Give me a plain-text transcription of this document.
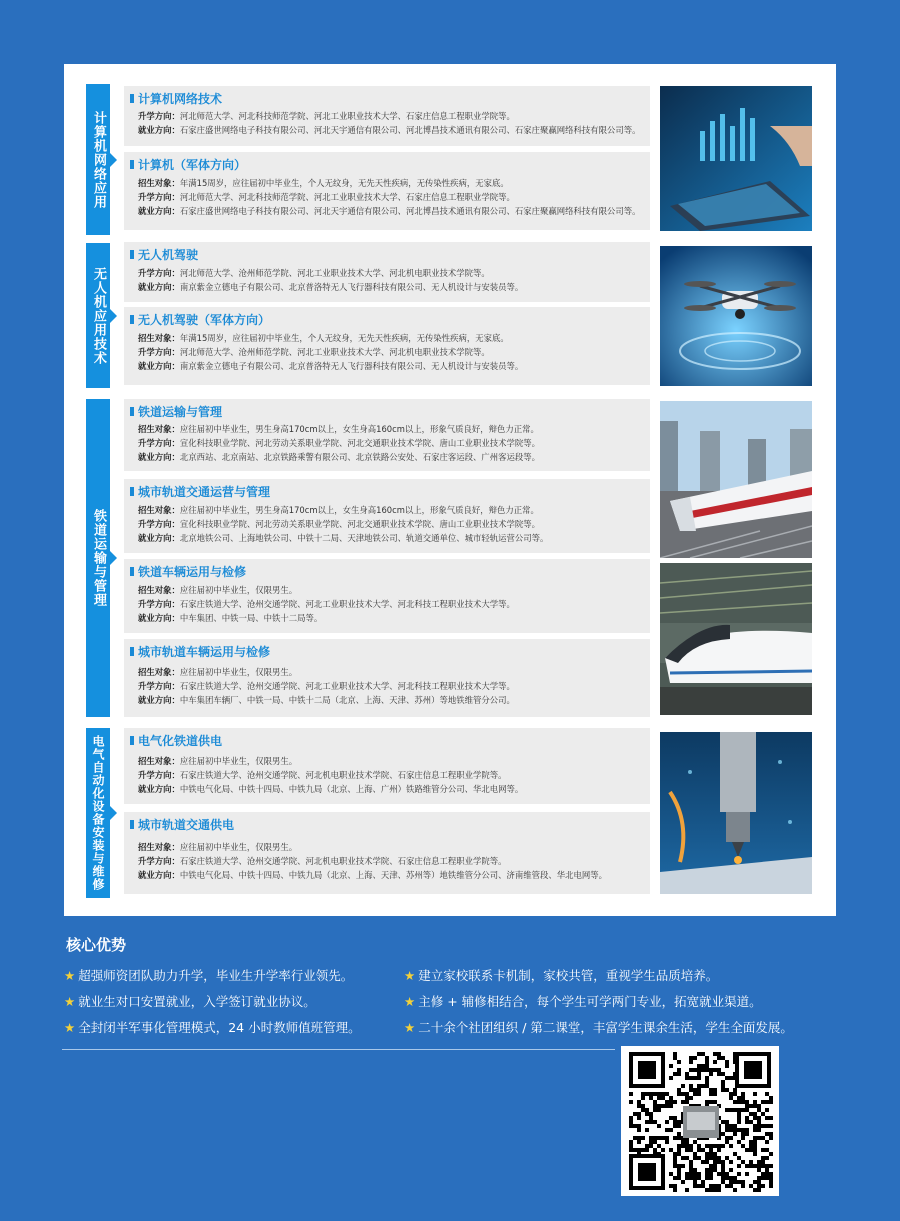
计算机网络应用
无人机应用技术
铁道运输与管理
电气自动化设备安装与维修
计算机网络技术
升学方向：河北师范大学、河北科技师范学院、河北工业职业技术大学、石家庄信息工程职业学院等。
就业方向：石家庄盛世网络电子科技有限公司、河北天宇通信有限公司、河北博昌技术通讯有限公司、石家庄聚赢网络科技有限公司等。
计算机（军体方向）
招生对象：年满15周岁，应往届初中毕业生，个人无纹身，无先天性疾病，无传染性疾病，无家底。
升学方向：河北师范大学、河北科技师范学院、河北工业职业技术大学、石家庄信息工程职业学院等。
就业方向：石家庄盛世网络电子科技有限公司、河北天宇通信有限公司、河北博昌技术通讯有限公司、石家庄聚赢网络科技有限公司等。
无人机驾驶
升学方向：河北师范大学、沧州师范学院、河北工业职业技术大学、河北机电职业技术学院等。
就业方向：南京紫金立德电子有限公司、北京普洛特无人飞行器科技有限公司、无人机设计与安装员等。
无人机驾驶（军体方向）
招生对象：年满15周岁，应往届初中毕业生，个人无纹身，无先天性疾病，无传染性疾病，无家底。
升学方向：河北师范大学、沧州师范学院、河北工业职业技术大学、河北机电职业技术学院等。
就业方向：南京紫金立德电子有限公司、北京普洛特无人飞行器科技有限公司、无人机设计与安装员等。
铁道运输与管理
招生对象：应往届初中毕业生，男生身高170cm以上，女生身高160cm以上，形象气质良好，辩色力正常。
升学方向：宣化科技职业学院、河北劳动关系职业学院、河北交通职业技术学院、唐山工业职业技术学院等。
就业方向：北京西站、北京南站、北京铁路乘警有限公司、北京铁路公安处、石家庄客运段、广州客运段等。
城市轨道交通运营与管理
招生对象：应往届初中毕业生，男生身高170cm以上，女生身高160cm以上，形象气质良好，辩色力正常。
升学方向：宣化科技职业学院、河北劳动关系职业学院、河北交通职业技术学院、唐山工业职业技术学院等。
就业方向：北京地铁公司、上海地铁公司、中铁十二局、天津地铁公司、轨道交通单位、城市轻轨运营公司等。
铁道车辆运用与检修
招生对象：应往届初中毕业生，仅限男生。
升学方向：石家庄铁道大学、沧州交通学院、河北工业职业技术大学、河北科技工程职业技术大学等。
就业方向：中车集团、中铁一局、中铁十二局等。
城市轨道车辆运用与检修
招生对象：应往届初中毕业生，仅限男生。
升学方向：石家庄铁道大学、沧州交通学院、河北工业职业技术大学、河北科技工程职业技术大学等。
就业方向：中车集团车辆厂、中铁一局、中铁十二局（北京、上海、天津、苏州）等地铁维管分公司。
电气化铁道供电
招生对象：应往届初中毕业生，仅限男生。
升学方向：石家庄铁道大学、沧州交通学院、河北机电职业技术学院、石家庄信息工程职业学院等。
就业方向：中铁电气化局、中铁十四局、中铁九局（北京、上海、广州）铁路维管分公司、华北电网等。
城市轨道交通供电
招生对象：应往届初中毕业生，仅限男生。
升学方向：石家庄铁道大学、沧州交通学院、河北机电职业技术学院、石家庄信息工程职业学院等。
就业方向：中铁电气化局、中铁十四局、中铁九局（北京、上海、天津、苏州等）地铁维管分公司、济南维管段、华北电网等。
核心优势
★ 超强师资团队助力升学，毕业生升学率行业领先。	★ 建立家校联系卡机制，家校共管，重视学生品质培养。
★ 就业生对口安置就业，入学签订就业协议。	★ 主修 + 辅修相结合，每个学生可学两门专业，拓宽就业渠道。
★ 全封闭半军事化管理模式，24 小时教师值班管理。	★ 二十余个社团组织 / 第二课堂，丰富学生课余生活，学生全面发展。
